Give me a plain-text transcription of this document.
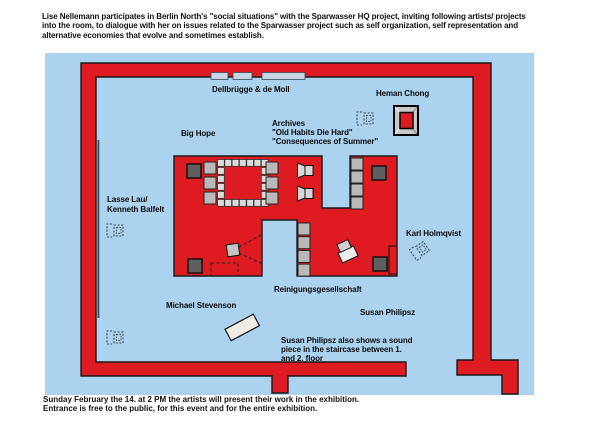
Lise Nellemann participates in Berlin North's "social situations" with the Sparwasser HQ project, inviting following artists/ projects
into the room, to dialogue with her on issues related to the Sparwasser project such as self organization, self representation and
alternative economies that evolve and sometimes establish.
Dellbrügge & de Moll	Heman Chong
Big Hope
Archives
"Old Habits Die Hard"
"Consequences of Summer"
Lasse Lau/
Kenneth Balfelt
Karl Holmqvist
Reinigungsgesellschaft
Michael Stevenson
Susan Philipsz
Susan Philipsz also shows a sound
piece in the staircase between 1.
and 2. floor
Sunday February the 14. at 2 PM the artists will present their work in the exhibition.
Entrance is free to the public, for this event and for the entire exhibition.
